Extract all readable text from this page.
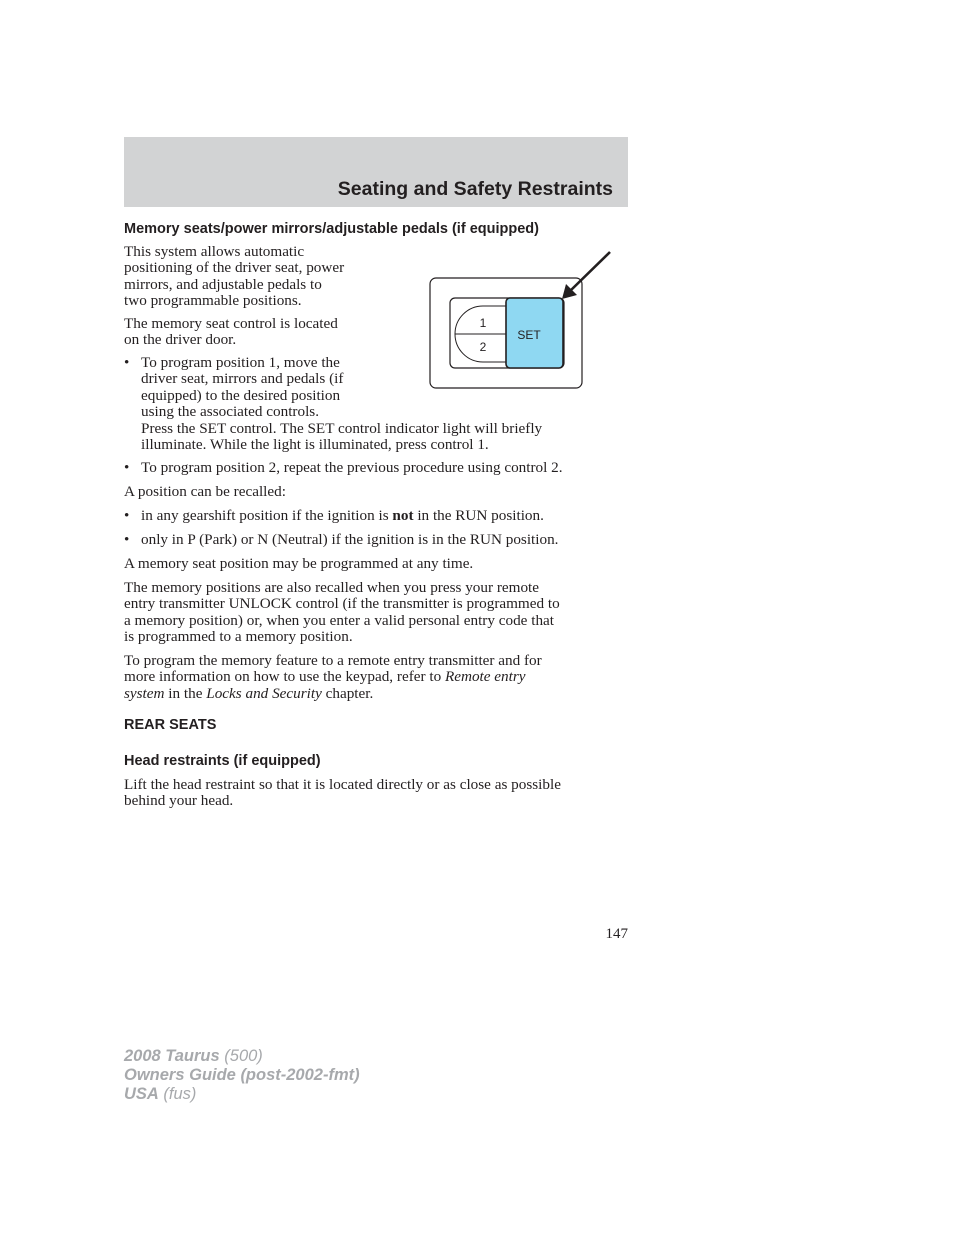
Seating and Safety Restraints
Memory seats/power mirrors/adjustable pedals (if equipped)

This system allows automatic
positioning of the driver seat, power
mirrors, and adjustable pedals to
two programmable positions.

The memory seat control is located
on the driver door.

• To program position 1, move the
driver seat, mirrors and pedals (if
equipped) to the desired position
using the associated controls.
Press the SET control. The SET control indicator light will briefly
illuminate. While the light is illuminated, press control 1.

• To program position 2, repeat the previous procedure using control 2.

A position can be recalled:

• in any gearshift position if the ignition is not in the RUN position.

• only in P (Park) or N (Neutral) if the ignition is in the RUN position.

A memory seat position may be programmed at any time.

The memory positions are also recalled when you press your remote
entry transmitter UNLOCK control (if the transmitter is programmed to
a memory position) or, when you enter a valid personal entry code that
is programmed to a memory position.

To program the memory feature to a remote entry transmitter and for
more information on how to use the keypad, refer to Remote entry
system in the Locks and Security chapter.

REAR SEATS
Head restraints (if equipped)

Lift the head restraint so that it is located directly or as close as possible
behind your head.

1
2
SET

147

2008 Taurus (500)
Owners Guide (post-2002-fmt)
USA (fus)
